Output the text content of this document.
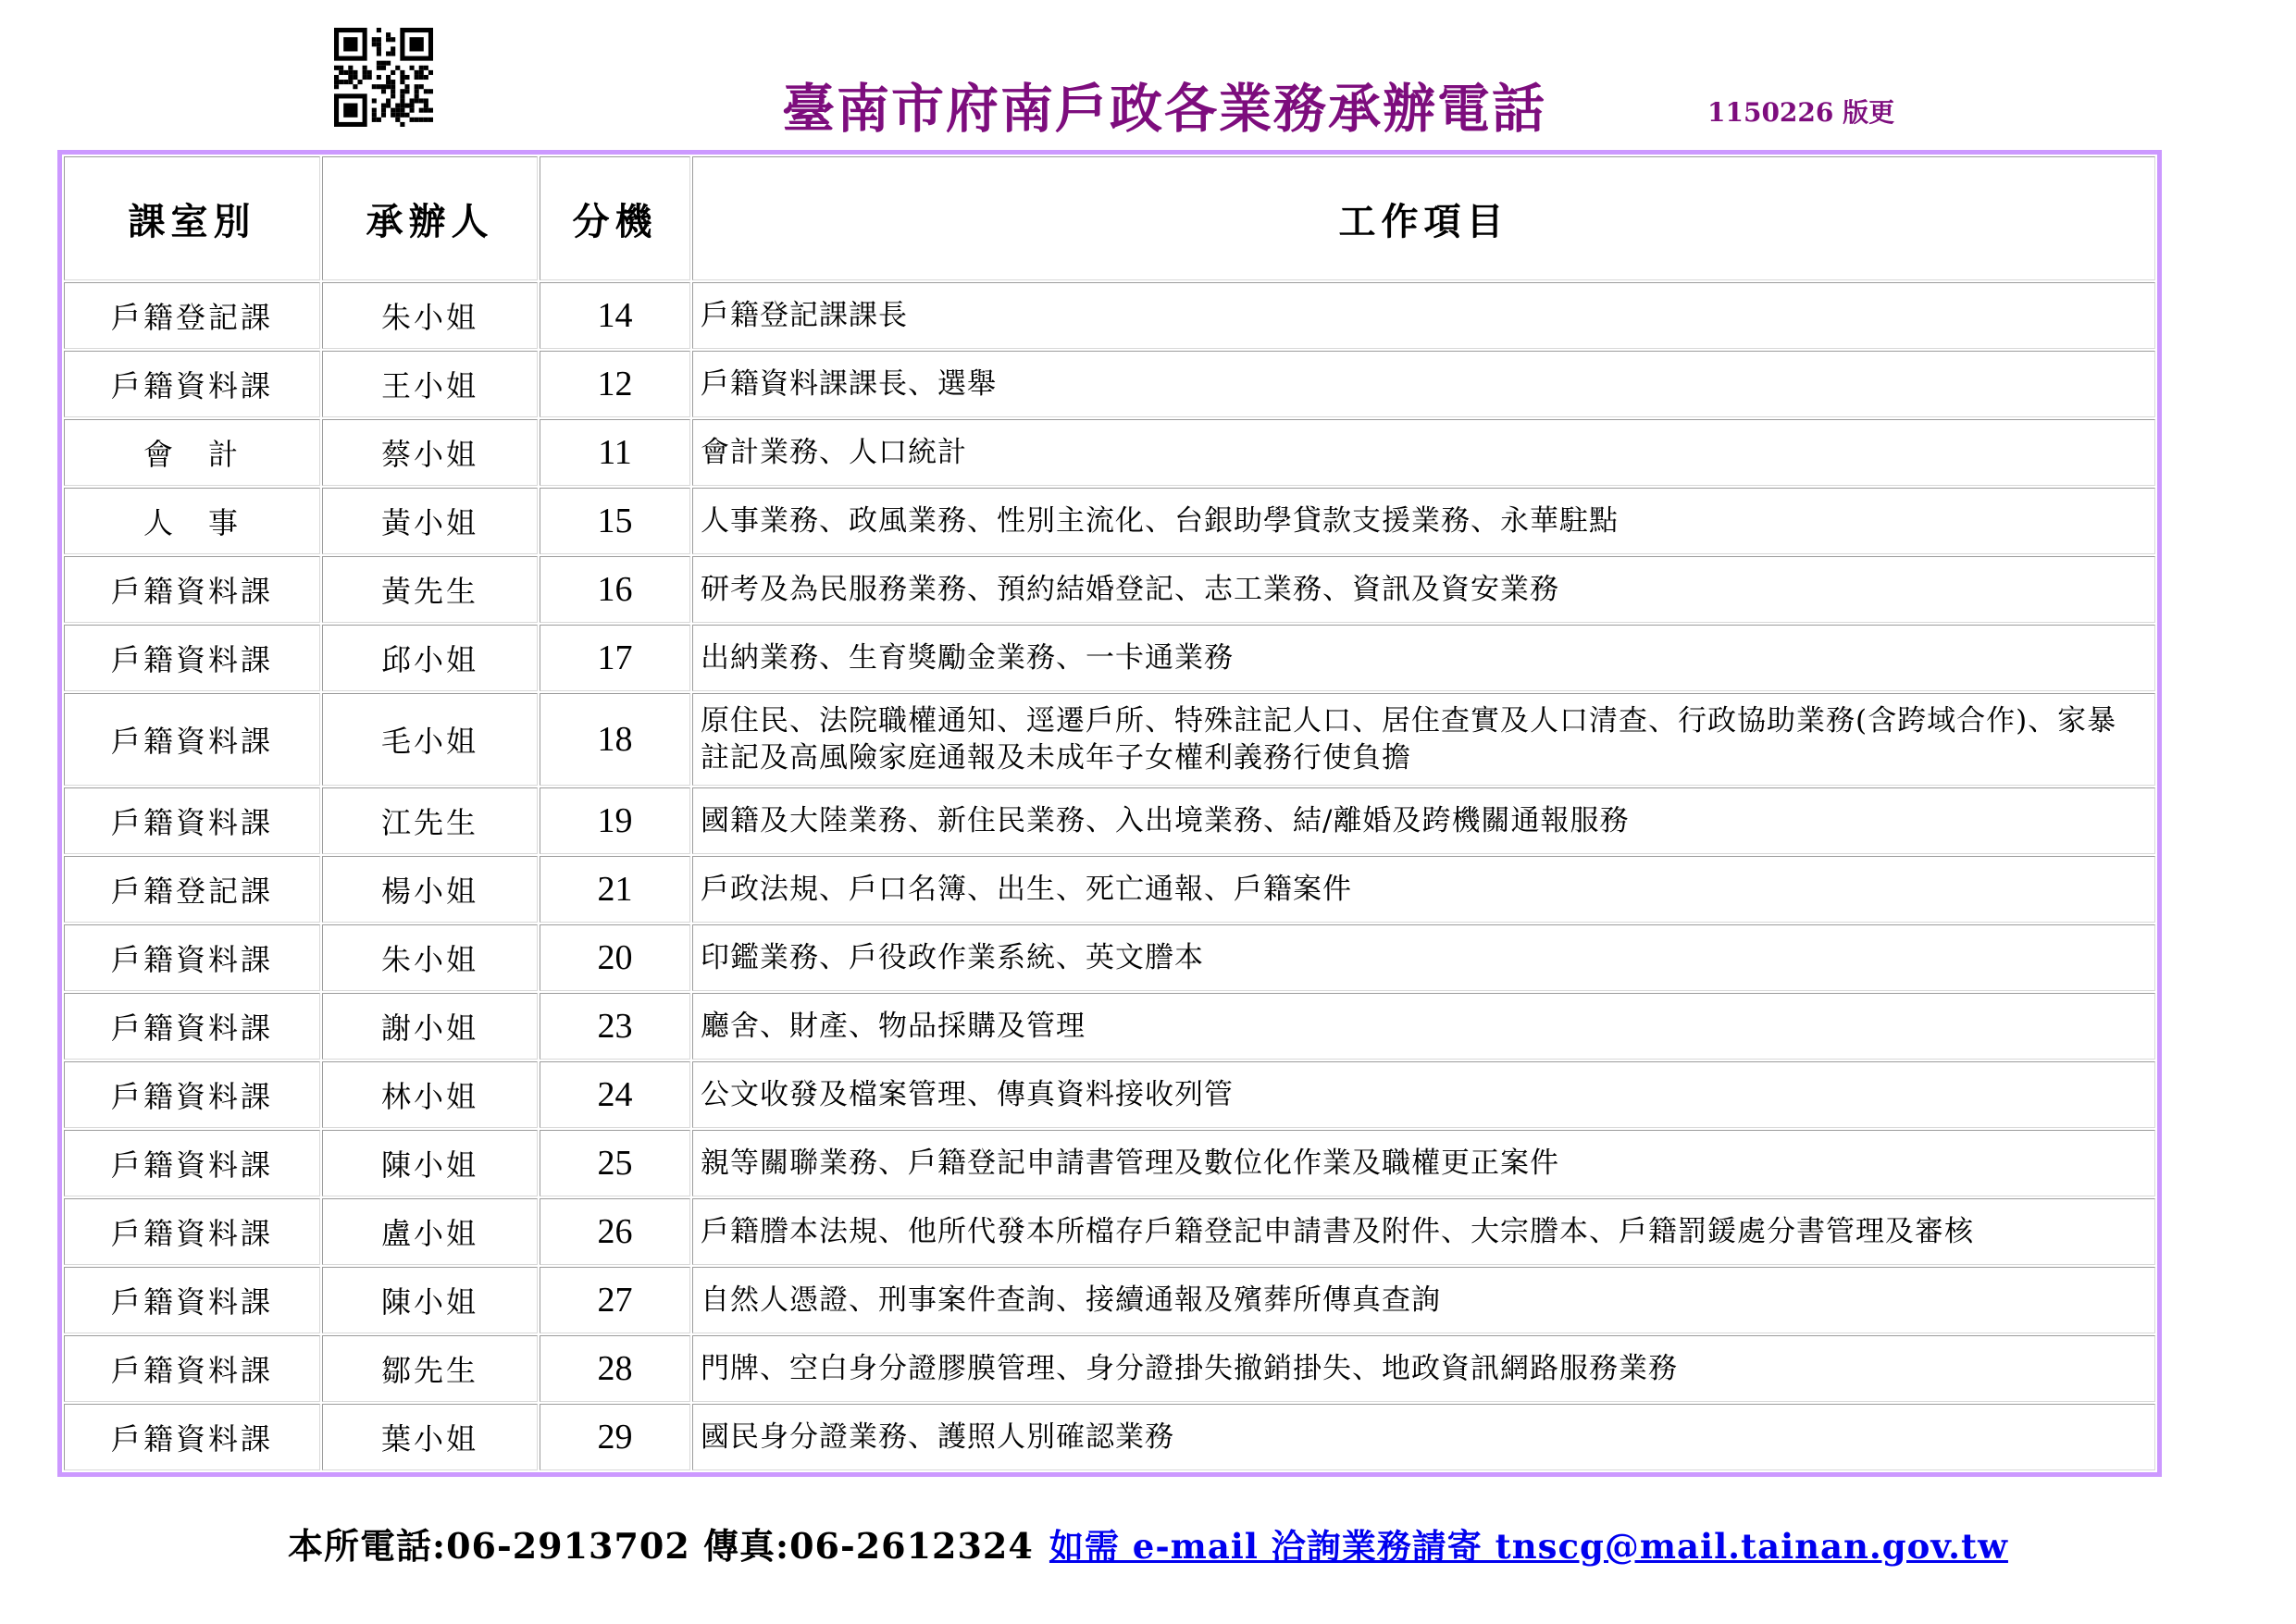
臺南市府南戶政各業務承辦電話	1150226 版更
課室別	承辦人	分機	工作項目
戶籍登記課	朱小姐	14	戶籍登記課課長
戶籍資料課	王小姐	12	戶籍資料課課長、選舉
會　計	蔡小姐	11	會計業務、人口統計
人　事	黃小姐	15	人事業務、政風業務、性別主流化、台銀助學貸款支援業務、永華駐點
戶籍資料課	黃先生	16	研考及為民服務業務、預約結婚登記、志工業務、資訊及資安業務
戶籍資料課	邱小姐	17	出納業務、生育獎勵金業務、一卡通業務
戶籍資料課	毛小姐	18	原住民、法院職權通知、逕遷戶所、特殊註記人口、居住查實及人口清查、行政協助業務(含跨域合作)、家暴註記及高風險家庭通報及未成年子女權利義務行使負擔
戶籍資料課	江先生	19	國籍及大陸業務、新住民業務、入出境業務、結/離婚及跨機關通報服務
戶籍登記課	楊小姐	21	戶政法規、戶口名簿、出生、死亡通報、戶籍案件
戶籍資料課	朱小姐	20	印鑑業務、戶役政作業系統、英文謄本
戶籍資料課	謝小姐	23	廳舍、財產、物品採購及管理
戶籍資料課	林小姐	24	公文收發及檔案管理、傳真資料接收列管
戶籍資料課	陳小姐	25	親等關聯業務、戶籍登記申請書管理及數位化作業及職權更正案件
戶籍資料課	盧小姐	26	戶籍謄本法規、他所代發本所檔存戶籍登記申請書及附件、大宗謄本、戶籍罰鍰處分書管理及審核
戶籍資料課	陳小姐	27	自然人憑證、刑事案件查詢、接續通報及殯葬所傳真查詢
戶籍資料課	鄒先生	28	門牌、空白身分證膠膜管理、身分證掛失撤銷掛失、地政資訊網路服務業務
戶籍資料課	葉小姐	29	國民身分證業務、護照人別確認業務
本所電話:06-2913702 傳真:06-2612324 如需 e-mail 洽詢業務請寄 tnscg@mail.tainan.gov.tw
